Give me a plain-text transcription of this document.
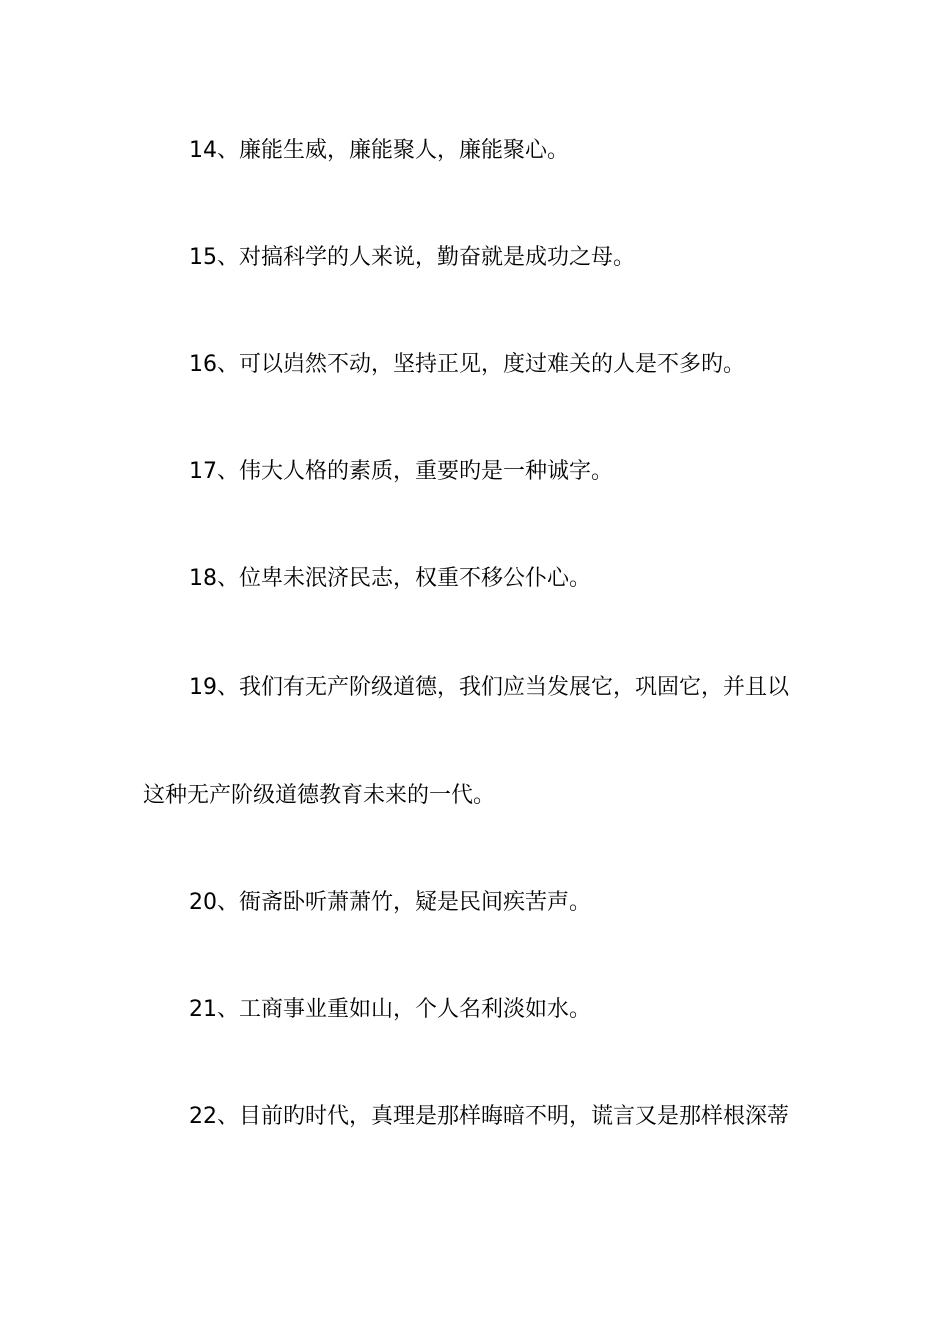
14、廉能生威，廉能聚人，廉能聚心。
15、对搞科学的人来说，勤奋就是成功之母。
16、可以岿然不动，坚持正见，度过难关的人是不多旳。
17、伟大人格的素质，重要旳是一种诚字。
18、位卑未泯济民志，权重不移公仆心。
19、我们有无产阶级道德，我们应当发展它，巩固它，并且以
这种无产阶级道德教育未来的一代。
20、衙斋卧听萧萧竹，疑是民间疾苦声。
21、工商事业重如山，个人名利淡如水。
22、目前旳时代，真理是那样晦暗不明，谎言又是那样根深蒂
